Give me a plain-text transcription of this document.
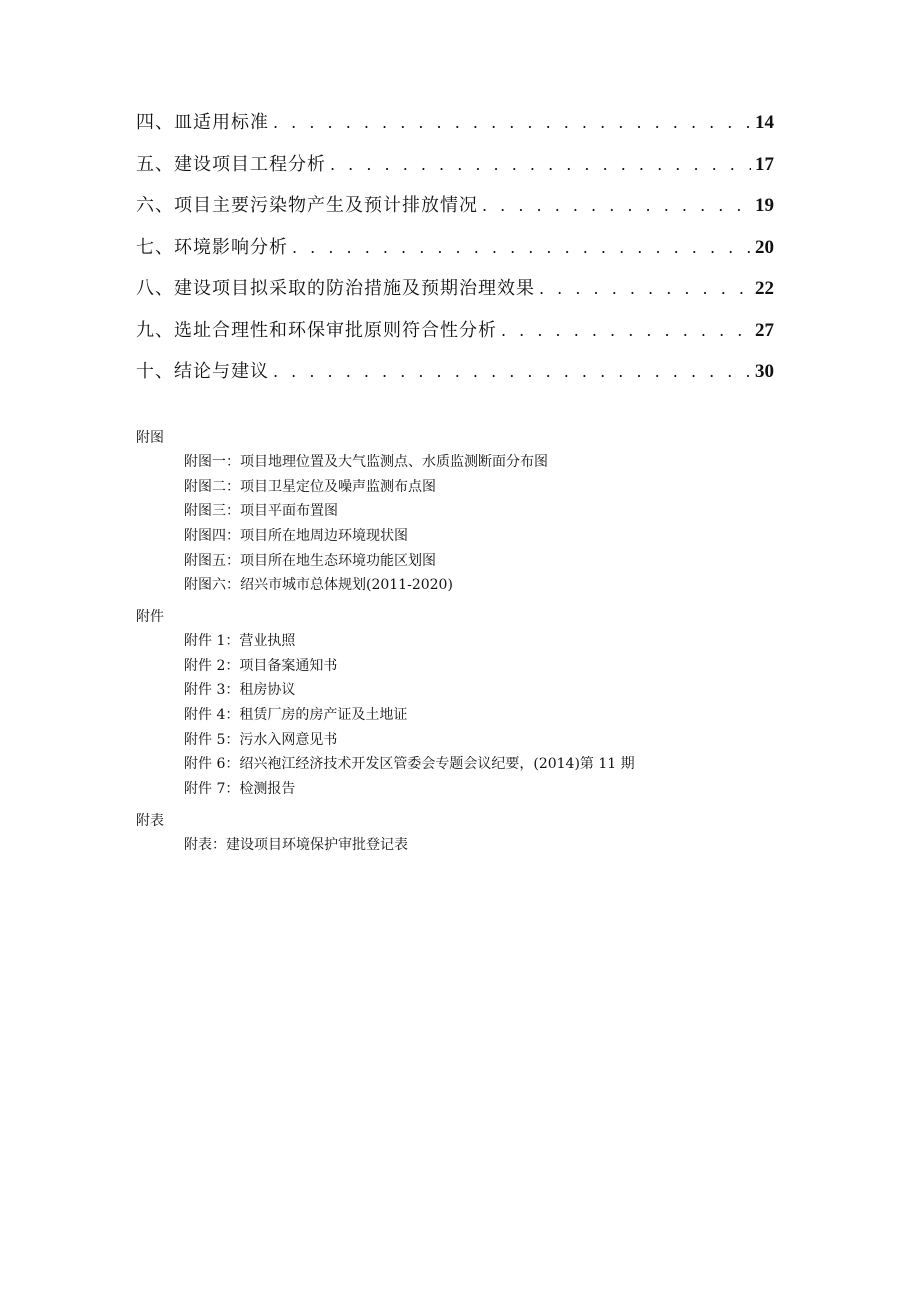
四、皿适用标准 . . .	14
五、建设项目工程分析 . . .	17
六、项目主要污染物产生及预计排放情况 . . .	19
七、环境影响分析 . . .	20
八、建设项目拟采取的防治措施及预期治理效果 . . .	22
九、选址合理性和环保审批原则符合性分析 . . .	27
十、结论与建议 . . .	30
附图
附图一：项目地理位置及大气监测点、水质监测断面分布图
附图二：项目卫星定位及噪声监测布点图
附图三：项目平面布置图
附图四：项目所在地周边环境现状图
附图五：项目所在地生态环境功能区划图
附图六：绍兴市城市总体规划(2011-2020)
附件
附件 1：营业执照
附件 2：项目备案通知书
附件 3：租房协议
附件 4：租赁厂房的房产证及土地证
附件 5：污水入网意见书
附件 6：绍兴袍江经济技术开发区管委会专题会议纪要，(2014)第 11 期
附件 7：检测报告
附表
附表：建设项目环境保护审批登记表
